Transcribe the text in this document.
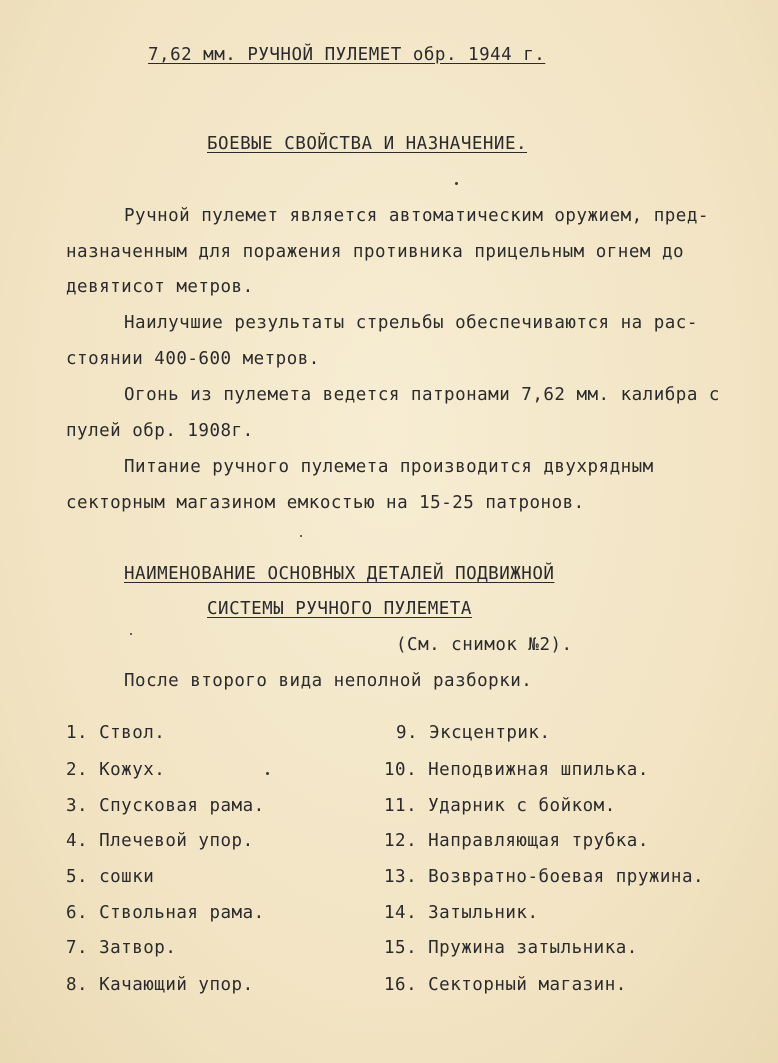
7,62 мм. РУЧНОЙ ПУЛЕМЕТ обр. 1944 г.
БОЕВЫЕ СВОЙСТВА И НАЗНАЧЕНИЕ.
Ручной пулемет является автоматическим оружием, пред-
назначенным для поражения противника прицельным огнем до
девятисот метров.
Наилучшие результаты стрельбы обеспечиваются на рас-
стоянии 400-600 метров.
Огонь из пулемета ведется патронами 7,62 мм. калибра с
пулей обр. 1908г.
Питание ручного пулемета производится двухрядным
секторным магазином емкостью на 15-25 патронов.
НАИМЕНОВАНИЕ ОСНОВНЫХ ДЕТАЛЕЙ ПОДВИЖНОЙ
СИСТЕМЫ РУЧНОГО ПУЛЕМЕТА
(См. снимок №2).
После второго вида неполной разборки.
1. Ствол.
2. Кожух.
3. Спусковая рама.
4. Плечевой упор.
5. сошки
6. Ствольная рама.
7. Затвор.
8. Качающий упор.
9. Эксцентрик.
10. Неподвижная шпилька.
11. Ударник с бойком.
12. Направляющая трубка.
13. Возвратно-боевая пружина.
14. Затыльник.
15. Пружина затыльника.
16. Секторный магазин.
